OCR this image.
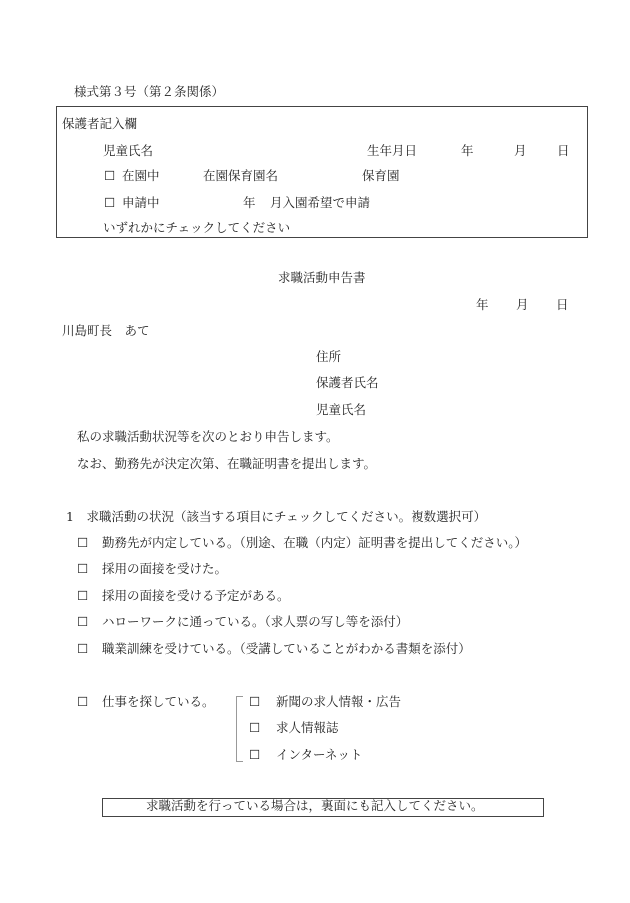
様式第３号（第２条関係）
保護者記入欄
児童氏名	生年月日	年	月 日
☐ 在園中	在園保育園名	保育園
☐ 申請中	年 月入園希望で申請
いずれかにチェックしてください
求職活動申告書
年 月 日
川島町長　あて
住所
保護者氏名
児童氏名
私の求職活動状況等を次のとおり申告します。
なお、勤務先が決定次第、在職証明書を提出します。
1　求職活動の状況（該当する項目にチェックしてください。複数選択可）
☐ 勤務先が内定している。（別途、在職（内定）証明書を提出してください。）
☐ 採用の面接を受けた。
☐ 採用の面接を受ける予定がある。
☐ ハローワークに通っている。（求人票の写し等を添付）
☐ 職業訓練を受けている。（受講していることがわかる書類を添付）
☐ 仕事を探している。	☐ 新聞の求人情報・広告
☐ 求人情報誌
☐ インターネット
求職活動を行っている場合は，裏面にも記入してください。
